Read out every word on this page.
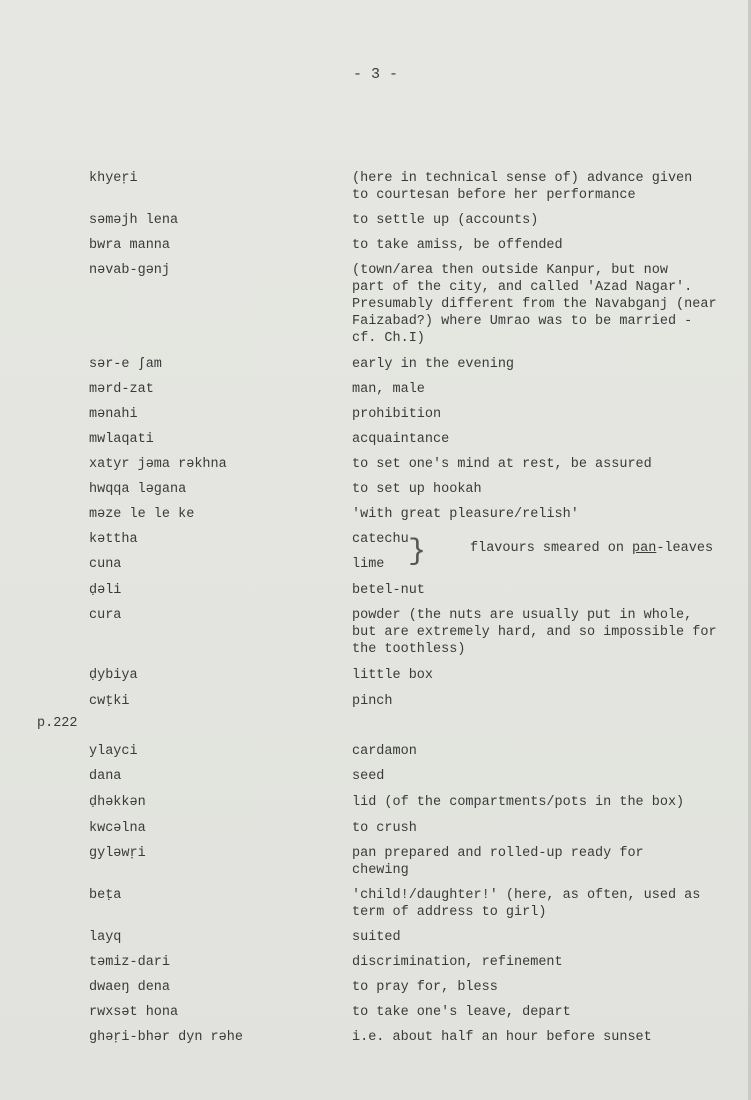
- 3 -
khyeṛi	(here in technical sense of) advance given
to courtesan before her performance
səməjh lena	to settle up (accounts)
bwra manna	to take amiss, be offended
nəvab-gənj	(town/area then outside Kanpur, but now
part of the city, and called 'Azad Nagar'.
Presumably different from the Navabganj (near
Faizabad?) where Umrao was to be married -
cf. Ch.I)
sər-e ʃam	early in the evening
mərd-zat	man, male
mənahi	prohibition
mwlaqati	acquaintance
xatyr jəma rəkhna	to set one's mind at rest, be assured
hwqqa ləgana	to set up hookah
məze le le ke	'with great pleasure/relish'
kəttha	catechu
cuna	lime }	flavours smeared on pan-leaves
ḍəli	betel-nut
cura	powder (the nuts are usually put in whole,
but are extremely hard, and so impossible for
the toothless)
ḍybiya	little box
cwṭki	pinch
p.222
ylayci	cardamon
dana	seed
ḍhəkkən	lid (of the compartments/pots in the box)
kwcəlna	to crush
gyləwṛi	pan prepared and rolled-up ready for
chewing
beṭa	'child!/daughter!' (here, as often, used as
term of address to girl)
layq	suited
təmiz-dari	discrimination, refinement
dwaeŋ dena	to pray for, bless
rwxsət hona	to take one's leave, depart
ghəṛi-bhər dyn rəhe	i.e. about half an hour before sunset
